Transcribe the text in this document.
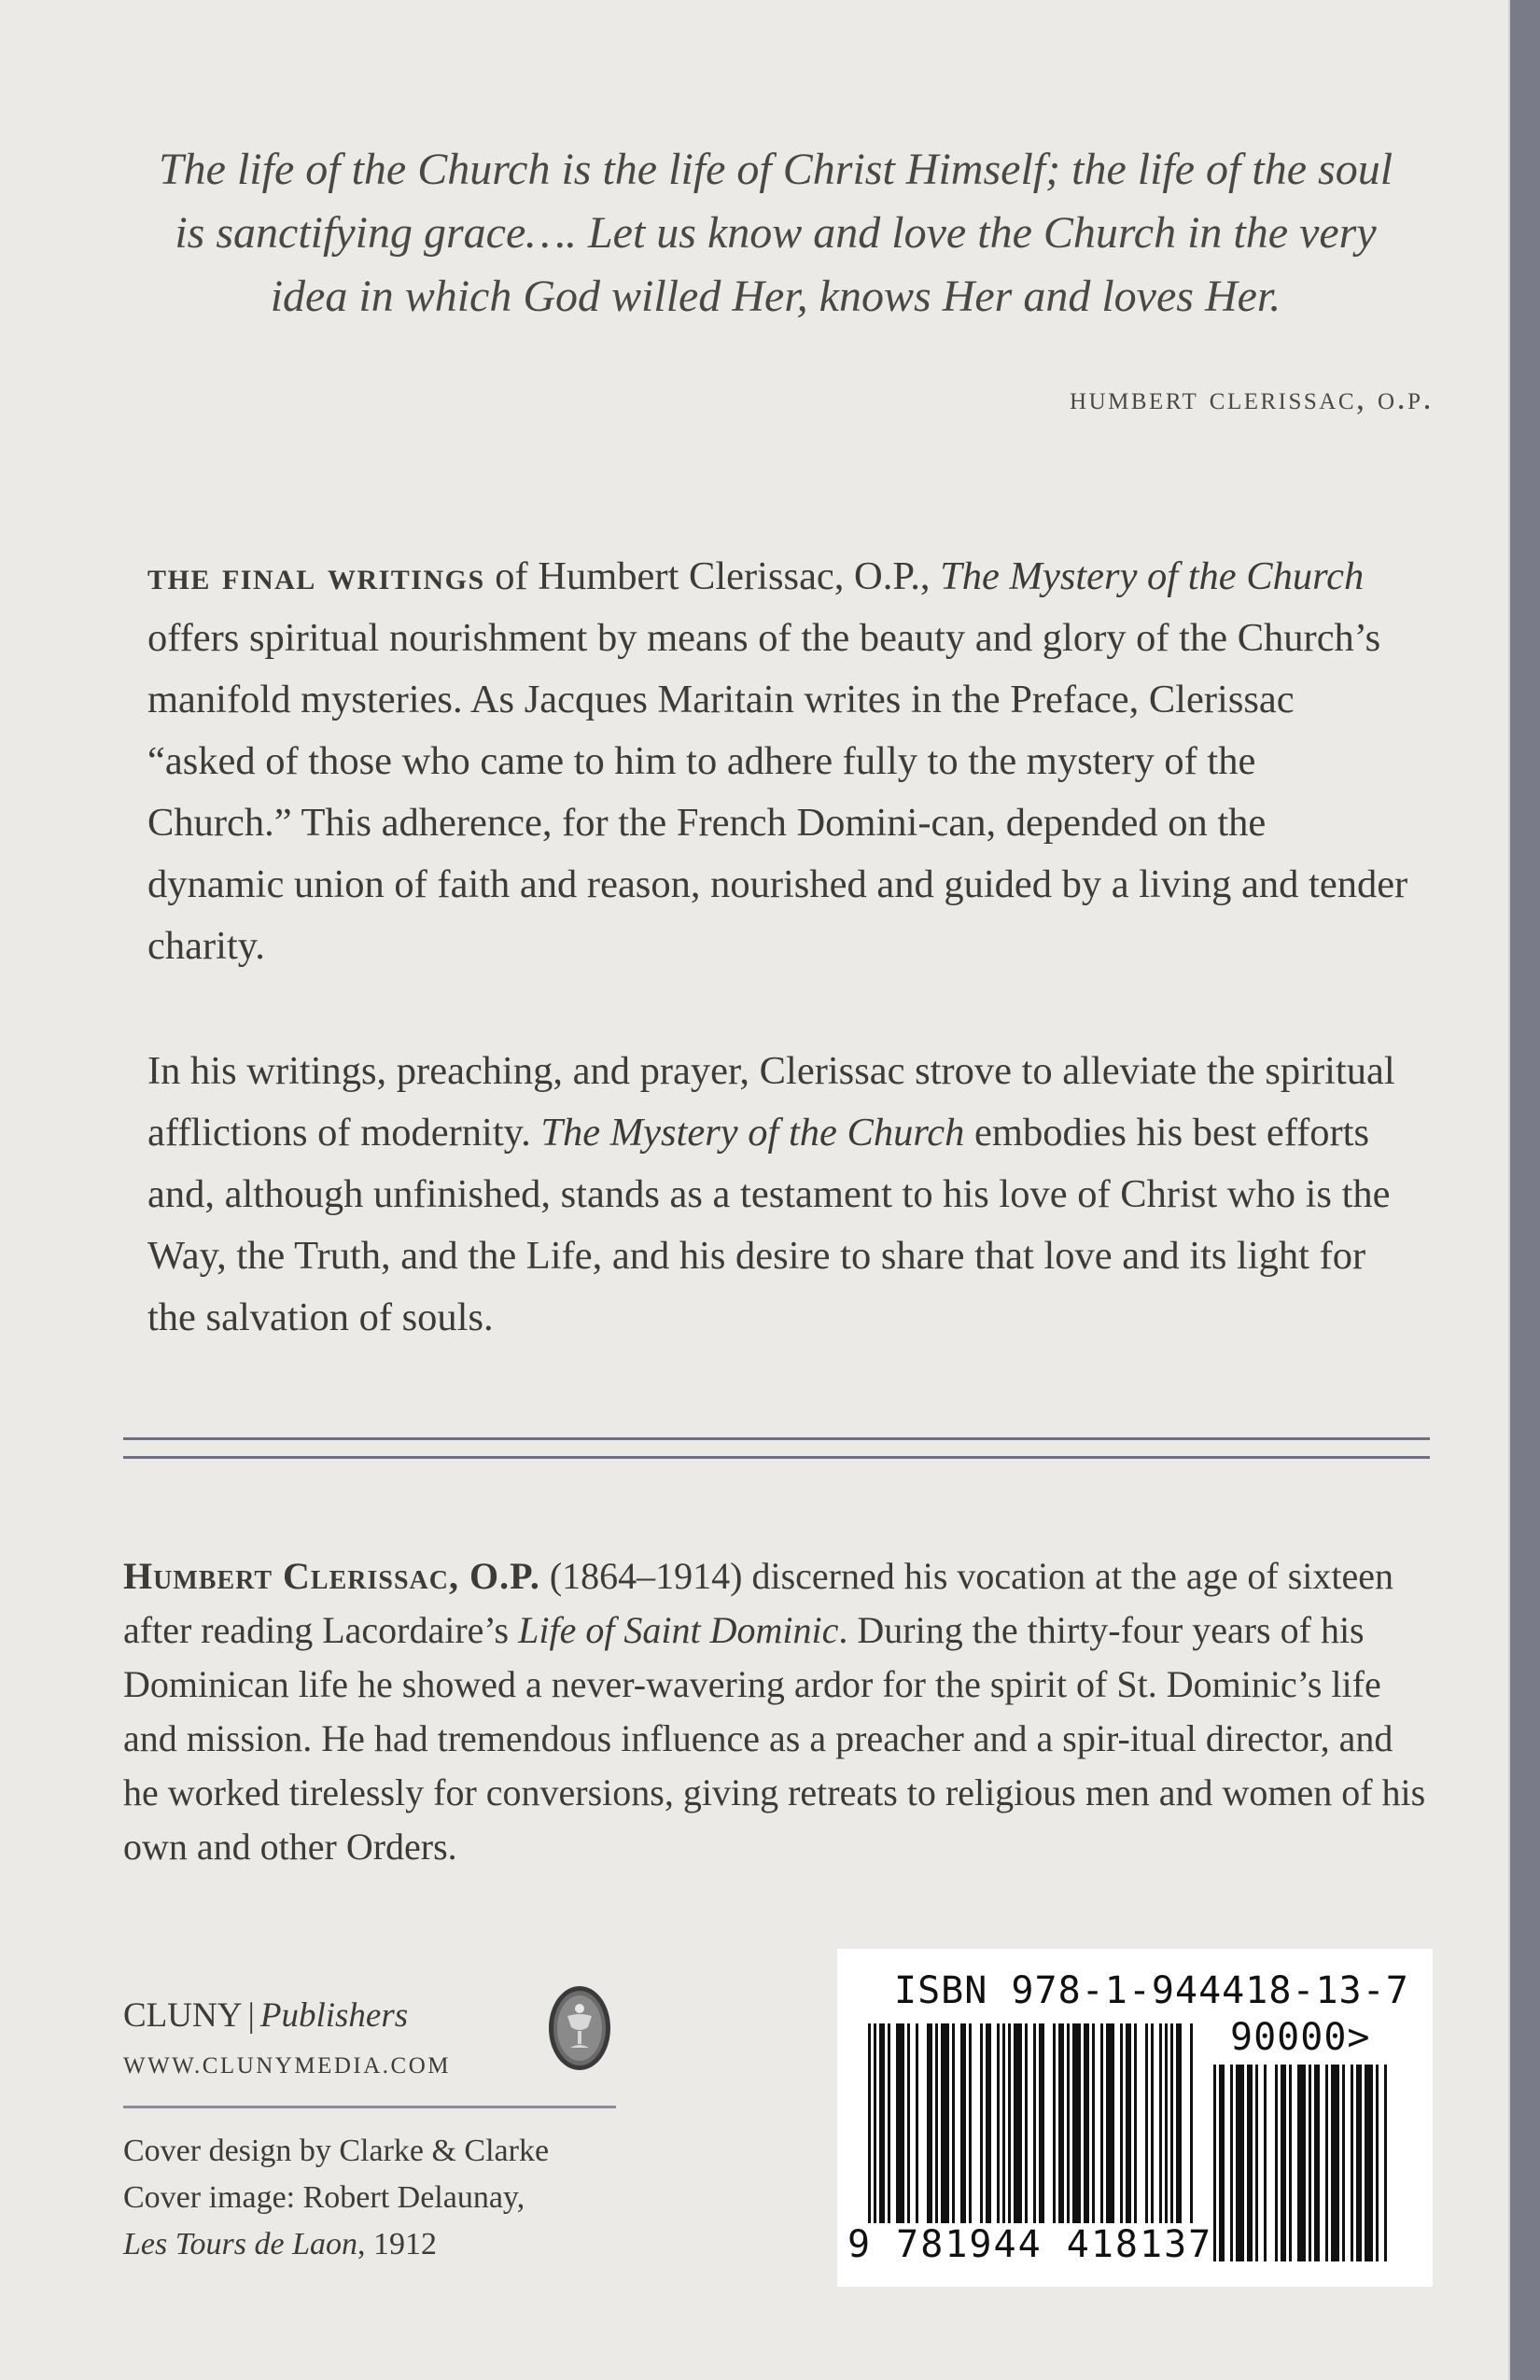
The life of the Church is the life of Christ Himself; the life of the soul is sanctifying grace…. Let us know and love the Church in the very idea in which God willed Her, knows Her and loves Her.
humbert clerissac, o.p.
the final writings of Humbert Clerissac, O.P., The Mystery of the Church offers spiritual nourishment by means of the beauty and glory of the Church’s manifold mysteries. As Jacques Maritain writes in the Preface, Clerissac “asked of those who came to him to adhere fully to the mystery of the Church.” This adherence, for the French Domini-can, depended on the dynamic union of faith and reason, nourished and guided by a living and tender charity.
In his writings, preaching, and prayer, Clerissac strove to alleviate the spiritual afflictions of modernity. The Mystery of the Church embodies his best efforts and, although unfinished, stands as a testament to his love of Christ who is the Way, the Truth, and the Life, and his desire to share that love and its light for the salvation of souls.
Humbert Clerissac, O.P. (1864–1914) discerned his vocation at the age of sixteen after reading Lacordaire’s Life of Saint Dominic. During the thirty-four years of his Dominican life he showed a never-wavering ardor for the spirit of St. Dominic’s life and mission. He had tremendous influence as a preacher and a spir-itual director, and he worked tirelessly for conversions, giving retreats to religious men and women of his own and other Orders.
CLUNY | Publishers
WWW.CLUNYMEDIA.COM
Cover design by Clarke & Clarke
Cover image: Robert Delaunay,
Les Tours de Laon, 1912
ISBN 978-1-944418-13-7
90000>
9 781944 418137
